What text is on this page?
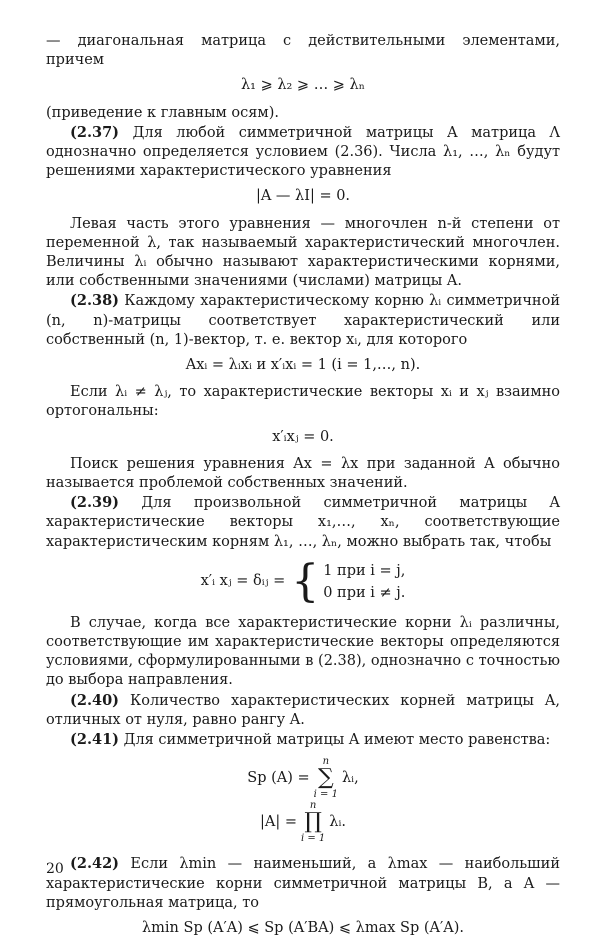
— диагональная матрица с действительными элементами, причем

λ₁ ⩾ λ₂ ⩾ … ⩾ λₙ

(приведение к главным осям).

(2.37) Для любой симметричной матрицы A матрица Λ однозначно определяется условием (2.36). Числа λ₁, …, λₙ будут решениями характеристического уравнения

|A — λI| = 0.

Левая часть этого уравнения — многочлен n-й степени от переменной λ, так называемый характеристический многочлен. Величины λᵢ обычно называют характеристическими корнями, или собственными значениями (числами) матрицы A.

(2.38) Каждому характеристическому корню λᵢ симметричной (n, n)-матрицы соответствует характеристический или собственный (n, 1)-вектор, т. е. вектор xᵢ, для которого

Axᵢ = λᵢxᵢ и x′ᵢxᵢ = 1 (i = 1,…, n).

Если λᵢ ≠ λⱼ, то характеристические векторы xᵢ и xⱼ взаимно ортогональны:

x′ᵢxⱼ = 0.

Поиск решения уравнения Ax = λx при заданной A обычно называется проблемой собственных значений.

(2.39) Для произвольной симметричной матрицы A характеристические векторы x₁,…, xₙ, соответствующие характеристическим корням λ₁, …, λₙ, можно выбрать так, чтобы

x′ᵢ xⱼ = δᵢⱼ = { 1 при i = j,
0 при i ≠ j.

В случае, когда все характеристические корни λᵢ различны, соответствующие им характеристические векторы определяются условиями, сформулированными в (2.38), однозначно с точностью до выбора направления.

(2.40) Количество характеристических корней матрицы A, отличных от нуля, равно рангу A.

(2.41) Для симметричной матрицы A имеют место равенства:

Sp (A) =
n
∑
i = 1
λᵢ,
|A| =
n
∏
i = 1
λᵢ.

(2.42) Если λmin — наименьший, а λmax — наибольший характеристические корни симметричной матрицы B, а A — прямоугольная матрица, то

λmin Sp (A′A) ⩽ Sp (A′BA) ⩽ λmax Sp (A′A).
20
